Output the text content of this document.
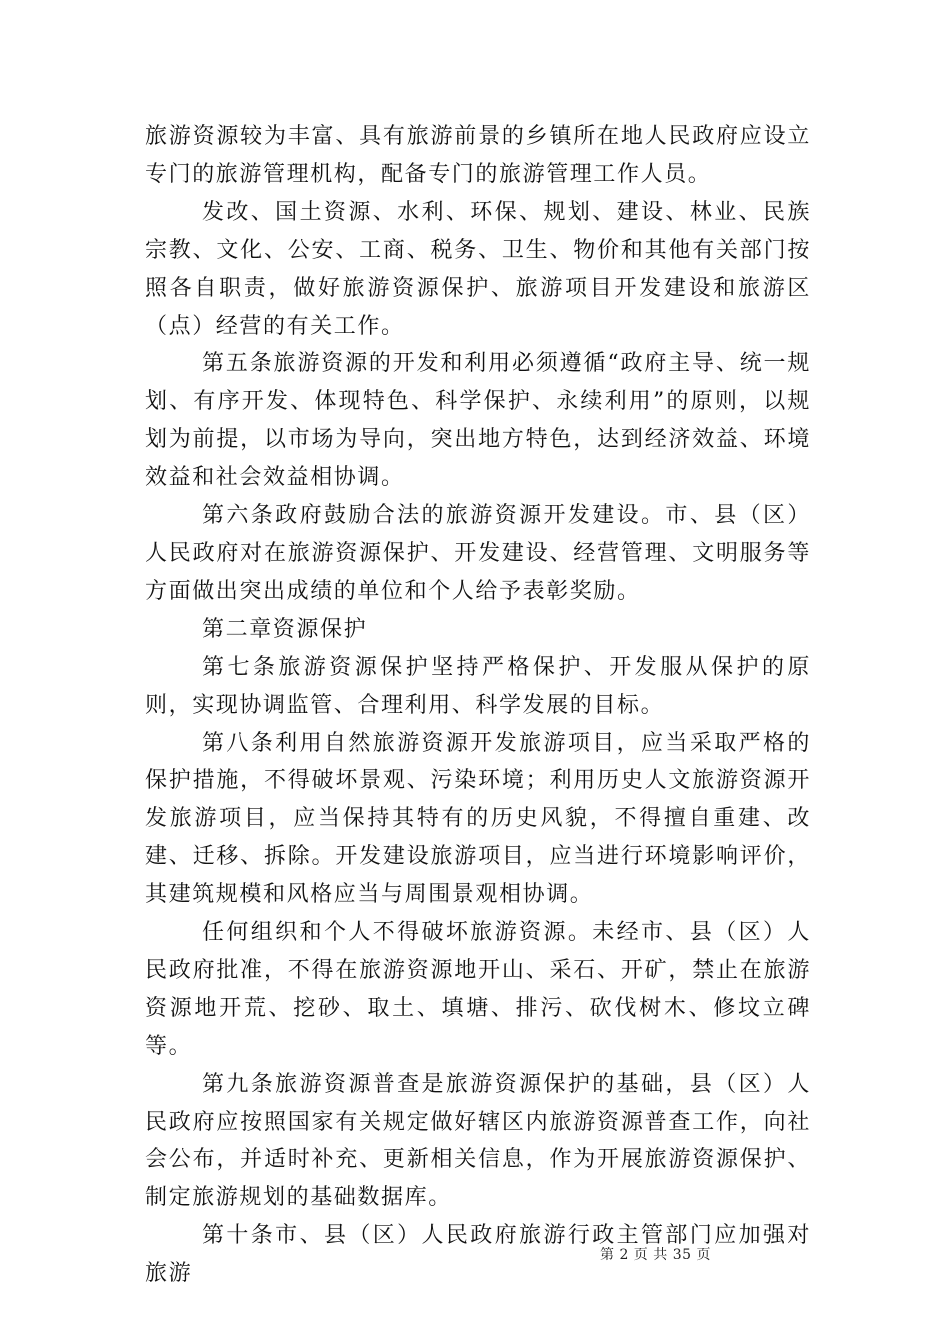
旅游资源较为丰富、具有旅游前景的乡镇所在地人民政府应设立专门的旅游管理机构，配备专门的旅游管理工作人员。

发改、国土资源、水利、环保、规划、建设、林业、民族宗教、文化、公安、工商、税务、卫生、物价和其他有关部门按照各自职责，做好旅游资源保护、旅游项目开发建设和旅游区（点）经营的有关工作。

第五条旅游资源的开发和利用必须遵循“政府主导、统一规划、有序开发、体现特色、科学保护、永续利用”的原则，以规划为前提，以市场为导向，突出地方特色，达到经济效益、环境效益和社会效益相协调。

第六条政府鼓励合法的旅游资源开发建设。市、县（区）人民政府对在旅游资源保护、开发建设、经营管理、文明服务等方面做出突出成绩的单位和个人给予表彰奖励。

第二章资源保护

第七条旅游资源保护坚持严格保护、开发服从保护的原则，实现协调监管、合理利用、科学发展的目标。

第八条利用自然旅游资源开发旅游项目，应当采取严格的保护措施，不得破坏景观、污染环境；利用历史人文旅游资源开发旅游项目，应当保持其特有的历史风貌，不得擅自重建、改建、迁移、拆除。开发建设旅游项目，应当进行环境影响评价，其建筑规模和风格应当与周围景观相协调。

任何组织和个人不得破坏旅游资源。未经市、县（区）人民政府批准，不得在旅游资源地开山、采石、开矿，禁止在旅游资源地开荒、挖砂、取土、填塘、排污、砍伐树木、修坟立碑等。

第九条旅游资源普查是旅游资源保护的基础，县（区）人民政府应按照国家有关规定做好辖区内旅游资源普查工作，向社会公布，并适时补充、更新相关信息，作为开展旅游资源保护、制定旅游规划的基础数据库。

第十条市、县（区）人民政府旅游行政主管部门应加强对旅游

第 2 页 共 35 页
